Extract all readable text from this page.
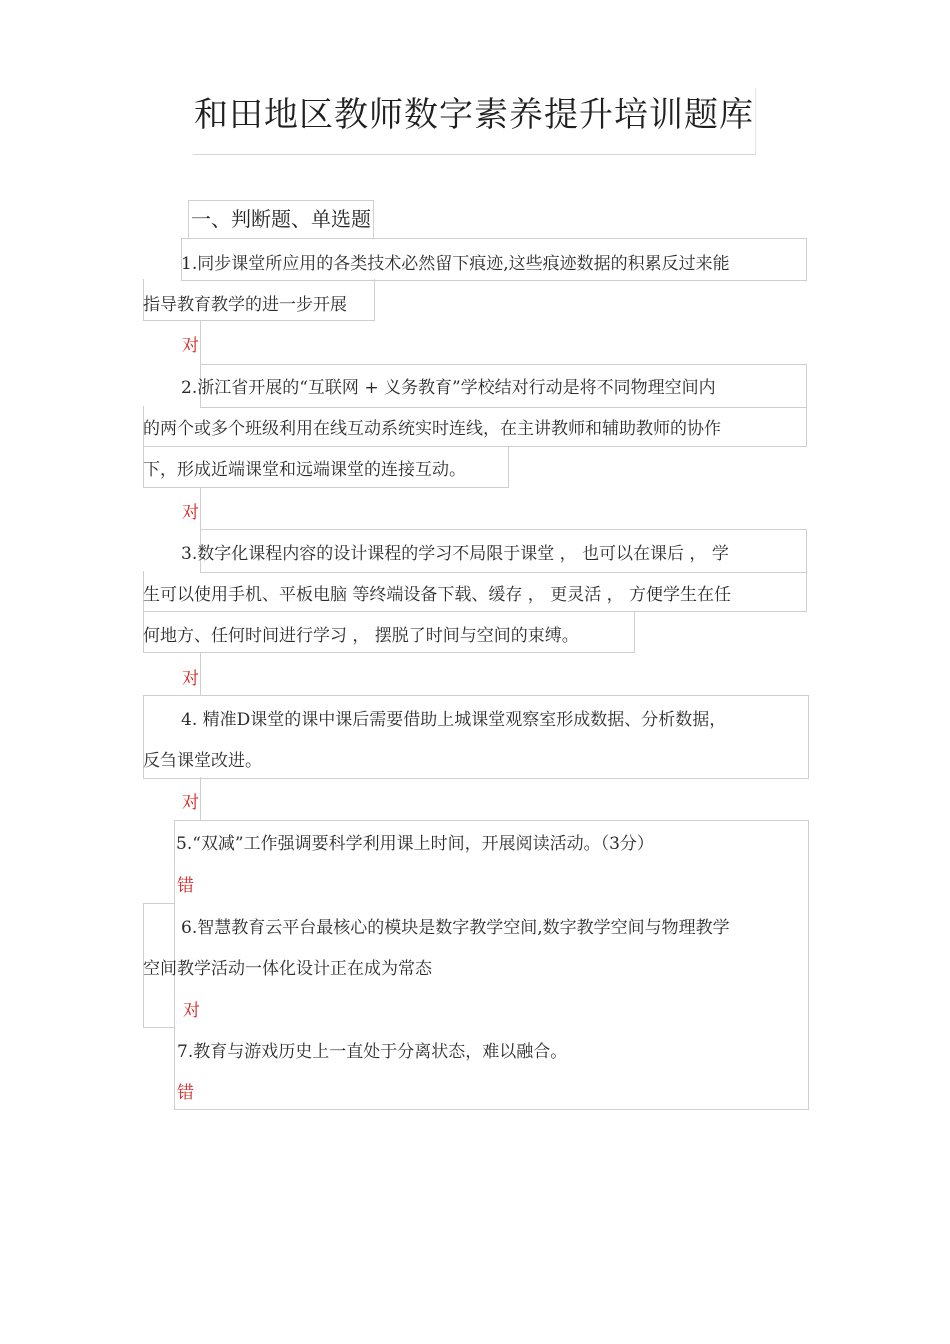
和田地区教师数字素养提升培训题库
一、判断题、单选题
1.同步课堂所应用的各类技术必然留下痕迹,这些痕迹数据的积累反过来能
指导教育教学的进一步开展
对
2.浙江省开展的“互联网 + 义务教育”学校结对行动是将不同物理空间内
的两个或多个班级利用在线互动系统实时连线，在主讲教师和辅助教师的协作
下，形成近端课堂和远端课堂的连接互动。
对
3.数字化课程内容的设计课程的学习不局限于课堂 ， 也可以在课后 ， 学
生可以使用手机、平板电脑 等终端设备下载、缓存 ， 更灵活 ， 方便学生在任
何地方、任何时间进行学习 ， 摆脱了时间与空间的束缚。
对
4. 精准D课堂的课中课后需要借助上城课堂观察室形成数据、分析数据，
反刍课堂改进。
对
5.“双减”工作强调要科学利用课上时间，开展阅读活动。（3分）
错
6.智慧教育云平台最核心的模块是数字教学空间,数字教学空间与物理教学
空间教学活动一体化设计正在成为常态
对
7.教育与游戏历史上一直处于分离状态，难以融合。
错
